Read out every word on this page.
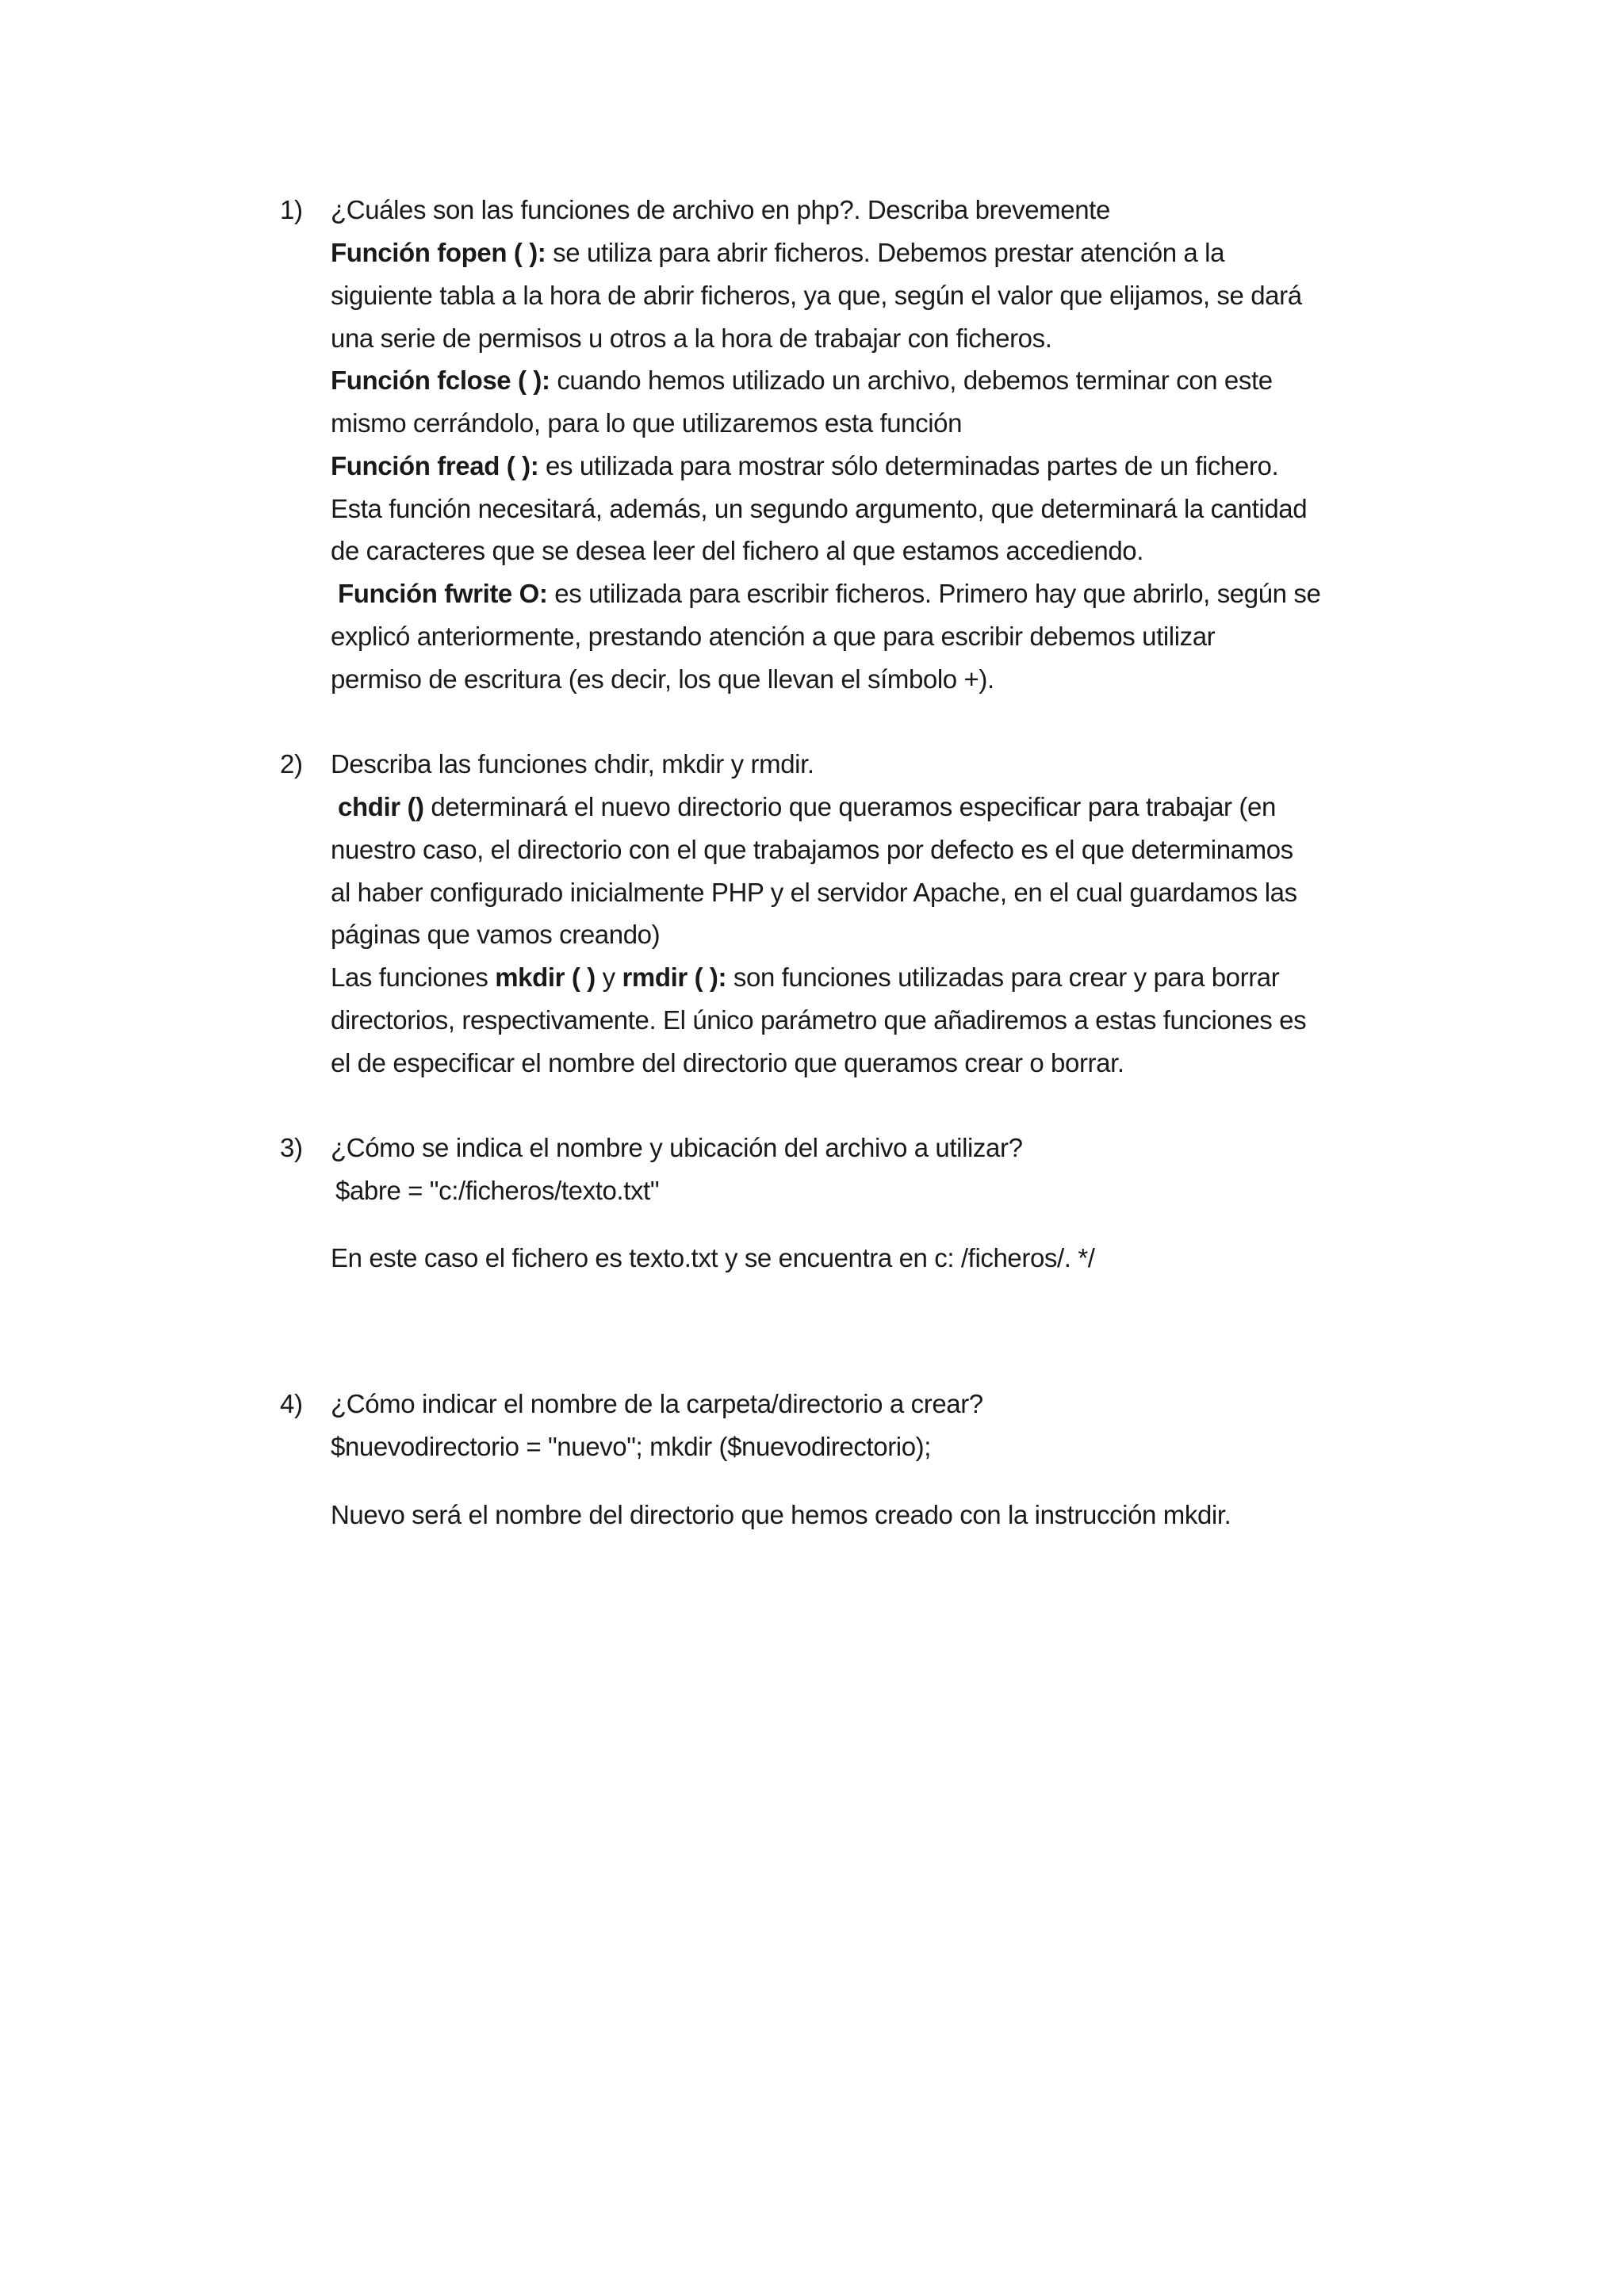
1) ¿Cuáles son las funciones de archivo en php?. Describa brevemente
Función fopen ( ): se utiliza para abrir ficheros. Debemos prestar atención a la
siguiente tabla a la hora de abrir ficheros, ya que, según el valor que elijamos, se dará
una serie de permisos u otros a la hora de trabajar con ficheros.
Función fclose ( ): cuando hemos utilizado un archivo, debemos terminar con este
mismo cerrándolo, para lo que utilizaremos esta función
Función fread ( ): es utilizada para mostrar sólo determinadas partes de un fichero.
Esta función necesitará, además, un segundo argumento, que determinará la cantidad
de caracteres que se desea leer del fichero al que estamos accediendo.
Función fwrite O: es utilizada para escribir ficheros. Primero hay que abrirlo, según se
explicó anteriormente, prestando atención a que para escribir debemos utilizar
permiso de escritura (es decir, los que llevan el símbolo +).
2) Describa las funciones chdir, mkdir y rmdir.
chdir () determinará el nuevo directorio que queramos especificar para trabajar (en
nuestro caso, el directorio con el que trabajamos por defecto es el que determinamos
al haber configurado inicialmente PHP y el servidor Apache, en el cual guardamos las
páginas que vamos creando)
Las funciones mkdir ( ) y rmdir ( ): son funciones utilizadas para crear y para borrar
directorios, respectivamente. El único parámetro que añadiremos a estas funciones es
el de especificar el nombre del directorio que queramos crear o borrar.
3) ¿Cómo se indica el nombre y ubicación del archivo a utilizar?
$abre = "c:/ficheros/texto.txt"
En este caso el fichero es texto.txt y se encuentra en c: /ficheros/. */
4) ¿Cómo indicar el nombre de la carpeta/directorio a crear?
$nuevodirectorio = "nuevo"; mkdir ($nuevodirectorio);
Nuevo será el nombre del directorio que hemos creado con la instrucción mkdir.
